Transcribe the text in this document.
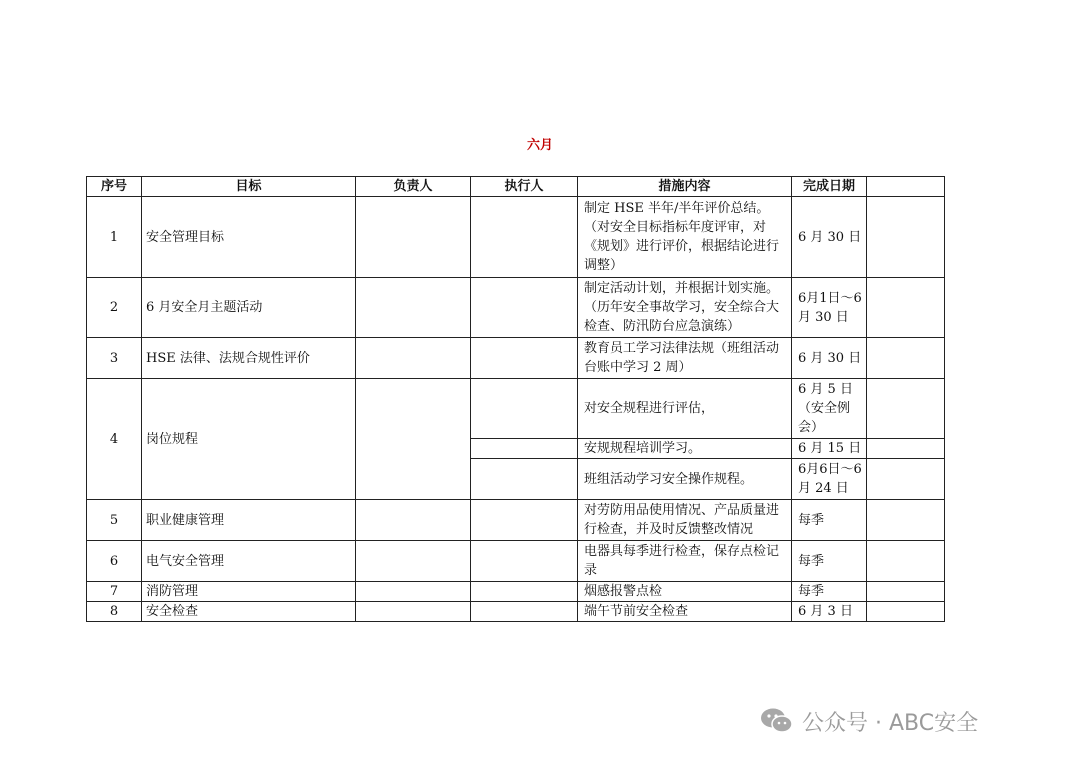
六月
序号	目标	负责人	执行人	措施内容	完成日期	
1	安全管理目标			制定 HSE 半年/半年评价总结。（对安全目标指标年度评审，对《规划》进行评价，根据结论进行调整）	6 月 30 日	
2	6 月安全月主题活动			制定活动计划，并根据计划实施。（历年安全事故学习，安全综合大检查、防汛防台应急演练）	6月1日～6 月 30 日	
3	HSE 法律、法规合规性评价			教育员工学习法律法规（班组活动台账中学习 2 周）	6 月 30 日	
4	岗位规程			对安全规程进行评估，	6 月 5 日（安全例会）	
				安规规程培训学习。	6 月 15 日	
				班组活动学习安全操作规程。	6月6日～6 月 24 日	
5	职业健康管理			对劳防用品使用情况、产品质量进行检查，并及时反馈整改情况	每季	
6	电气安全管理			电器具每季进行检查，保存点检记录	每季	
7	消防管理			烟感报警点检	每季	
8	安全检查			端午节前安全检查	6 月 3 日	
公众号 · ABC安全
